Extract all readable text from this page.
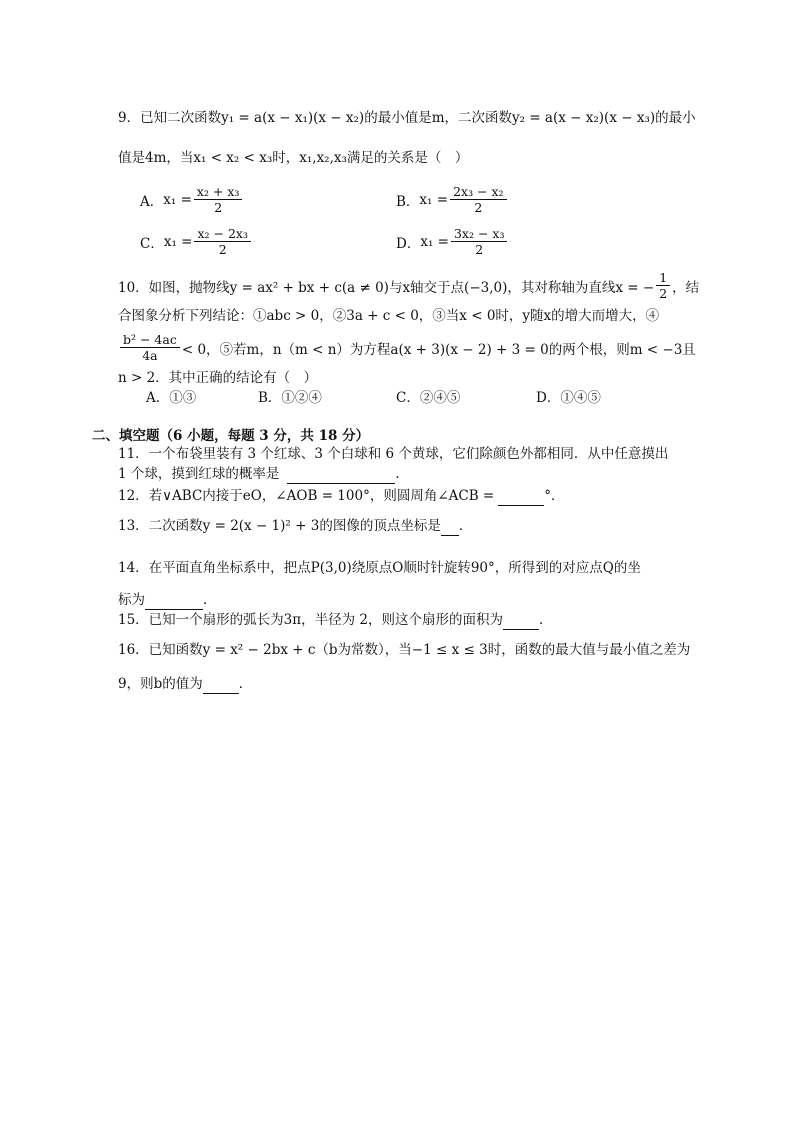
9．已知二次函数y₁ = a(x − x₁)(x − x₂)的最小值是m，二次函数y₂ = a(x − x₂)(x − x₃)的最小
值是4m，当x₁ < x₂ < x₃时，x₁,x₂,x₃满足的关系是（　）
A． $x_1 = \frac{\text{x₂ + x₃}}{2}$	B． $x_1 = \frac{\text{2x₃ − x₂}}{2}$
C． $x_1 = \frac{\text{x₂ − 2x₃}}{2}$	D． $x_1 = \frac{\text{3x₂ − x₃}}{2}$
10．如图，抛物线y = ax² + bx + c(a ≠ 0)与x轴交于点(−3,0)，其对称轴为直线x = − $\frac{1}{2}$ ，结
合图象分析下列结论：①abc > 0，②3a + c < 0，③当x < 0时，y随x的增大而增大，④
$\frac{\text{b² − 4ac}}{4a} < 0$，⑤若m，n（m < n）为方程a(x + 3)(x − 2) + 3 = 0的两个根，则m < −3且
n > 2．其中正确的结论有（　）
A．①③	B．①②④	C．②④⑤	D．①④⑤
二、填空题（6 小题，每题 3 分，共 18 分）
11．一个布袋里装有 3 个红球、3 个白球和 6 个黄球，它们除颜色外都相同．从中任意摸出
1 个球，摸到红球的概率是	．
12．若∨ABC内接于eO，∠AOB = 100°，则圆周角∠ACB =	°．
13．二次函数y = 2(x − 1)² + 3的图像的顶点坐标是 ．
14．在平面直角坐标系中，把点P(3,0)绕原点O顺时针旋转90°，所得到的对应点Q的坐
标为	．
15．已知一个扇形的弧长为3π，半径为 2，则这个扇形的面积为	．
16．已知函数y = x² − 2bx + c（b为常数），当−1 ≤ x ≤ 3时，函数的最大值与最小值之差为
9，则b的值为	．
